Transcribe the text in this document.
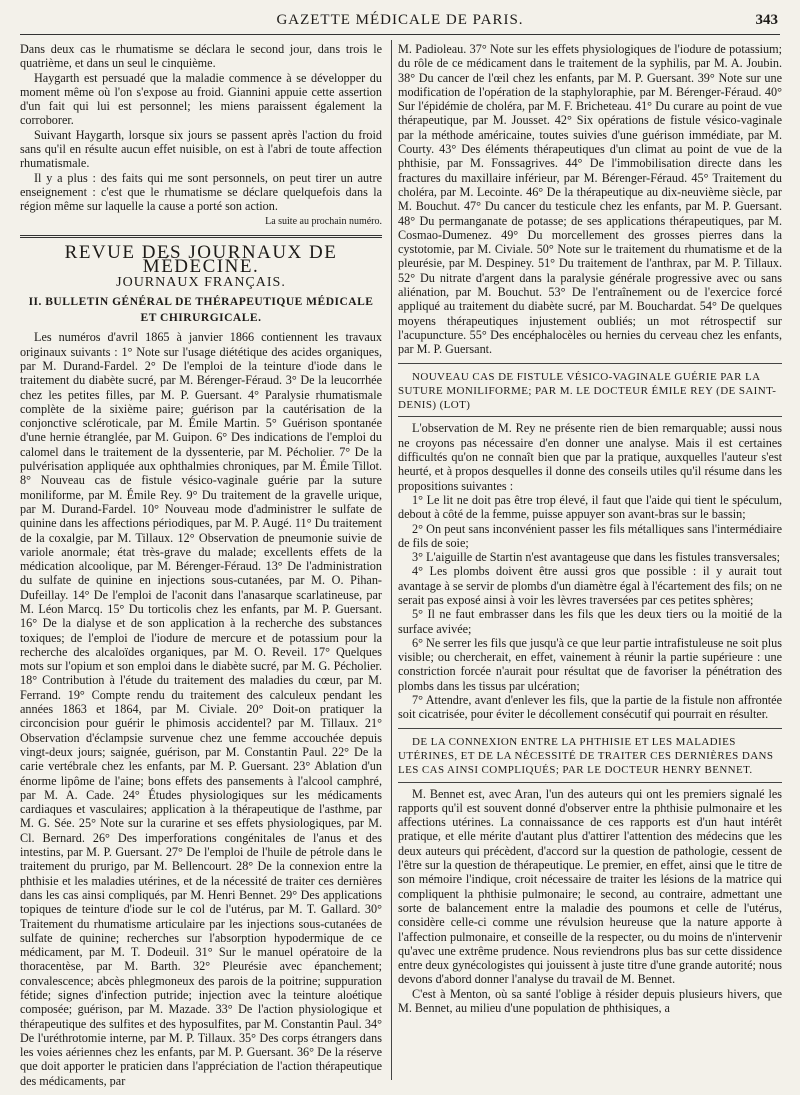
GAZETTE MÉDICALE DE PARIS.	343

Dans deux cas le rhumatisme se déclara le second jour, dans trois le quatrième, et dans un seul le cinquième.

Haygarth est persuadé que la maladie commence à se développer du moment même où l'on s'expose au froid. Giannini appuie cette assertion d'un fait qui lui est personnel; les miens paraissent également la corroborer.

Suivant Haygarth, lorsque six jours se passent après l'action du froid sans qu'il en résulte aucun effet nuisible, on est à l'abri de toute affection rhumatismale.

Il y a plus : des faits qui me sont personnels, on peut tirer un autre enseignement : c'est que le rhumatisme se déclare quelquefois dans la région même sur laquelle la cause a porté son action.

La suite au prochain numéro.
REVUE DES JOURNAUX DE MÉDECINE.
JOURNAUX FRANÇAIS.
II. BULLETIN GÉNÉRAL DE THÉRAPEUTIQUE MÉDICALE
ET CHIRURGICALE.

Les numéros d'avril 1865 à janvier 1866 contiennent les travaux originaux suivants : 1° Note sur l'usage diététique des acides organiques, par M. Durand-Fardel. 2° De l'emploi de la teinture d'iode dans le traitement du diabète sucré, par M. Bérenger-Féraud. 3° De la leucorrhée chez les petites filles, par M. P. Guersant. 4° Paralysie rhumatismale complète de la sixième paire; guérison par la cautérisation de la conjonctive scléroticale, par M. Émile Martin. 5° Guérison spontanée d'une hernie étranglée, par M. Guipon. 6° Des indications de l'emploi du calomel dans le traitement de la dyssenterie, par M. Pécholier. 7° De la pulvérisation appliquée aux ophthalmies chroniques, par M. Émile Tillot. 8° Nouveau cas de fistule vésico-vaginale guérie par la suture moniliforme, par M. Émile Rey. 9° Du traitement de la gravelle urique, par M. Durand-Fardel. 10° Nouveau mode d'administrer le sulfate de quinine dans les affections périodiques, par M. P. Augé. 11° Du traitement de la coxalgie, par M. Tillaux. 12° Observation de pneumonie suivie de variole anormale; état très-grave du malade; excellents effets de la médication alcoolique, par M. Bérenger-Féraud. 13° De l'administration du sulfate de quinine en injections sous-cutanées, par M. O. Pihan-Dufeillay. 14° De l'emploi de l'aconit dans l'anasarque scarlatineuse, par M. Léon Marcq. 15° Du torticolis chez les enfants, par M. P. Guersant. 16° De la dialyse et de son application à la recherche des substances toxiques; de l'emploi de l'iodure de mercure et de potassium pour la recherche des alcaloïdes organiques, par M. O. Reveil. 17° Quelques mots sur l'opium et son emploi dans le diabète sucré, par M. G. Pécholier. 18° Contribution à l'étude du traitement des maladies du cœur, par M. Ferrand. 19° Compte rendu du traitement des calculeux pendant les années 1863 et 1864, par M. Civiale. 20° Doit-on pratiquer la circoncision pour guérir le phimosis accidentel? par M. Tillaux. 21° Observation d'éclampsie survenue chez une femme accouchée depuis vingt-deux jours; saignée, guérison, par M. Constantin Paul. 22° De la carie vertébrale chez les enfants, par M. P. Guersant. 23° Ablation d'un énorme lipôme de l'aine; bons effets des pansements à l'alcool camphré, par M. A. Cade. 24° Études physiologiques sur les médicaments cardiaques et vasculaires; application à la thérapeutique de l'asthme, par M. G. Sée. 25° Note sur la curarine et ses effets physiologiques, par M. Cl. Bernard. 26° Des imperforations congénitales de l'anus et des intestins, par M. P. Guersant. 27° De l'emploi de l'huile de pétrole dans le traitement du prurigo, par M. Bellencourt. 28° De la connexion entre la phthisie et les maladies utérines, et de la nécessité de traiter ces dernières dans les cas ainsi compliqués, par M. Henri Bennet. 29° Des applications topiques de teinture d'iode sur le col de l'utérus, par M. T. Gallard. 30° Traitement du rhumatisme articulaire par les injections sous-cutanées de sulfate de quinine; recherches sur l'absorption hypodermique de ce médicament, par M. T. Dodeuil. 31° Sur le manuel opératoire de la thoracentèse, par M. Barth. 32° Pleurésie avec épanchement; convalescence; abcès phlegmoneux des parois de la poitrine; suppuration fétide; signes d'infection putride; injection avec la teinture aloétique composée; guérison, par M. Mazade. 33° De l'action physiologique et thérapeutique des sulfites et des hyposulfites, par M. Constantin Paul. 34° De l'uréthrotomie interne, par M. P. Tillaux. 35° Des corps étrangers dans les voies aériennes chez les enfants, par M. P. Guersant. 36° De la réserve que doit apporter le praticien dans l'appréciation de l'action thérapeutique des médicaments, par

M. Padioleau. 37° Note sur les effets physiologiques de l'iodure de potassium; du rôle de ce médicament dans le traitement de la syphilis, par M. A. Joubin. 38° Du cancer de l'œil chez les enfants, par M. P. Guersant. 39° Note sur une modification de l'opération de la staphyloraphie, par M. Bérenger-Féraud. 40° Sur l'épidémie de choléra, par M. F. Bricheteau. 41° Du curare au point de vue thérapeutique, par M. Jousset. 42° Six opérations de fistule vésico-vaginale par la méthode américaine, toutes suivies d'une guérison immédiate, par M. Courty. 43° Des éléments thérapeutiques d'un climat au point de vue de la phthisie, par M. Fonssagrives. 44° De l'immobilisation directe dans les fractures du maxillaire inférieur, par M. Bérenger-Féraud. 45° Traitement du choléra, par M. Lecointe. 46° De la thérapeutique au dix-neuvième siècle, par M. Bouchut. 47° Du cancer du testicule chez les enfants, par M. P. Guersant. 48° Du permanganate de potasse; de ses applications thérapeutiques, par M. Cosmao-Dumenez. 49° Du morcellement des grosses pierres dans la cystotomie, par M. Civiale. 50° Note sur le traitement du rhumatisme et de la pleurésie, par M. Despiney. 51° Du traitement de l'anthrax, par M. P. Tillaux. 52° Du nitrate d'argent dans la paralysie générale progressive avec ou sans aliénation, par M. Bouchut. 53° De l'entraînement ou de l'exercice forcé appliqué au traitement du diabète sucré, par M. Bouchardat. 54° De quelques moyens thérapeutiques injustement oubliés; un mot rétrospectif sur l'acupuncture. 55° Des encéphalocèles ou hernies du cerveau chez les enfants, par M. P. Guersant.

NOUVEAU CAS DE FISTULE VÉSICO-VAGINALE GUÉRIE PAR LA SUTURE MONILIFORME; PAR M. LE DOCTEUR ÉMILE REY (DE SAINT-DENIS) (LOT)

L'observation de M. Rey ne présente rien de bien remarquable; aussi nous ne croyons pas nécessaire d'en donner une analyse. Mais il est certaines difficultés qu'on ne connaît bien que par la pratique, auxquelles l'auteur s'est heurté, et à propos desquelles il donne des conseils utiles qu'il résume dans les propositions suivantes :

1° Le lit ne doit pas être trop élevé, il faut que l'aide qui tient le spéculum, debout à côté de la femme, puisse appuyer son avant-bras sur le bassin;

2° On peut sans inconvénient passer les fils métalliques sans l'intermédiaire de fils de soie;

3° L'aiguille de Startin n'est avantageuse que dans les fistules transversales;

4° Les plombs doivent être aussi gros que possible : il y aurait tout avantage à se servir de plombs d'un diamètre égal à l'écartement des fils; on ne serait pas exposé ainsi à voir les lèvres traversées par ces petites sphères;

5° Il ne faut embrasser dans les fils que les deux tiers ou la moitié de la surface avivée;

6° Ne serrer les fils que jusqu'à ce que leur partie intrafistuleuse ne soit plus visible; ou chercherait, en effet, vainement à réunir la partie supérieure : une constriction forcée n'aurait pour résultat que de favoriser la pénétration des plombs dans les tissus par ulcération;

7° Attendre, avant d'enlever les fils, que la partie de la fistule non affrontée soit cicatrisée, pour éviter le décollement consécutif qui pourrait en résulter.

DE LA CONNEXION ENTRE LA PHTHISIE ET LES MALADIES UTÉRINES, ET DE LA NÉCESSITÉ DE TRAITER CES DERNIÈRES DANS LES CAS AINSI COMPLIQUÉS; PAR LE DOCTEUR HENRY BENNET.

M. Bennet est, avec Aran, l'un des auteurs qui ont les premiers signalé les rapports qu'il est souvent donné d'observer entre la phthisie pulmonaire et les affections utérines. La connaissance de ces rapports est d'un haut intérêt pratique, et elle mérite d'autant plus d'attirer l'attention des médecins que les deux auteurs qui précèdent, d'accord sur la question de pathologie, cessent de l'être sur la question de thérapeutique. Le premier, en effet, ainsi que le titre de son mémoire l'indique, croit nécessaire de traiter les lésions de la matrice qui compliquent la phthisie pulmonaire; le second, au contraire, admettant une sorte de balancement entre la maladie des poumons et celle de l'utérus, considère celle-ci comme une révulsion heureuse que la nature apporte à l'affection pulmonaire, et conseille de la respecter, ou du moins de n'intervenir qu'avec une extrême prudence. Nous reviendrons plus bas sur cette dissidence entre deux gynécologistes qui jouissent à juste titre d'une grande autorité; nous devons d'abord donner l'analyse du travail de M. Bennet.

C'est à Menton, où sa santé l'oblige à résider depuis plusieurs hivers, que M. Bennet, au milieu d'une population de phthisiques, a
